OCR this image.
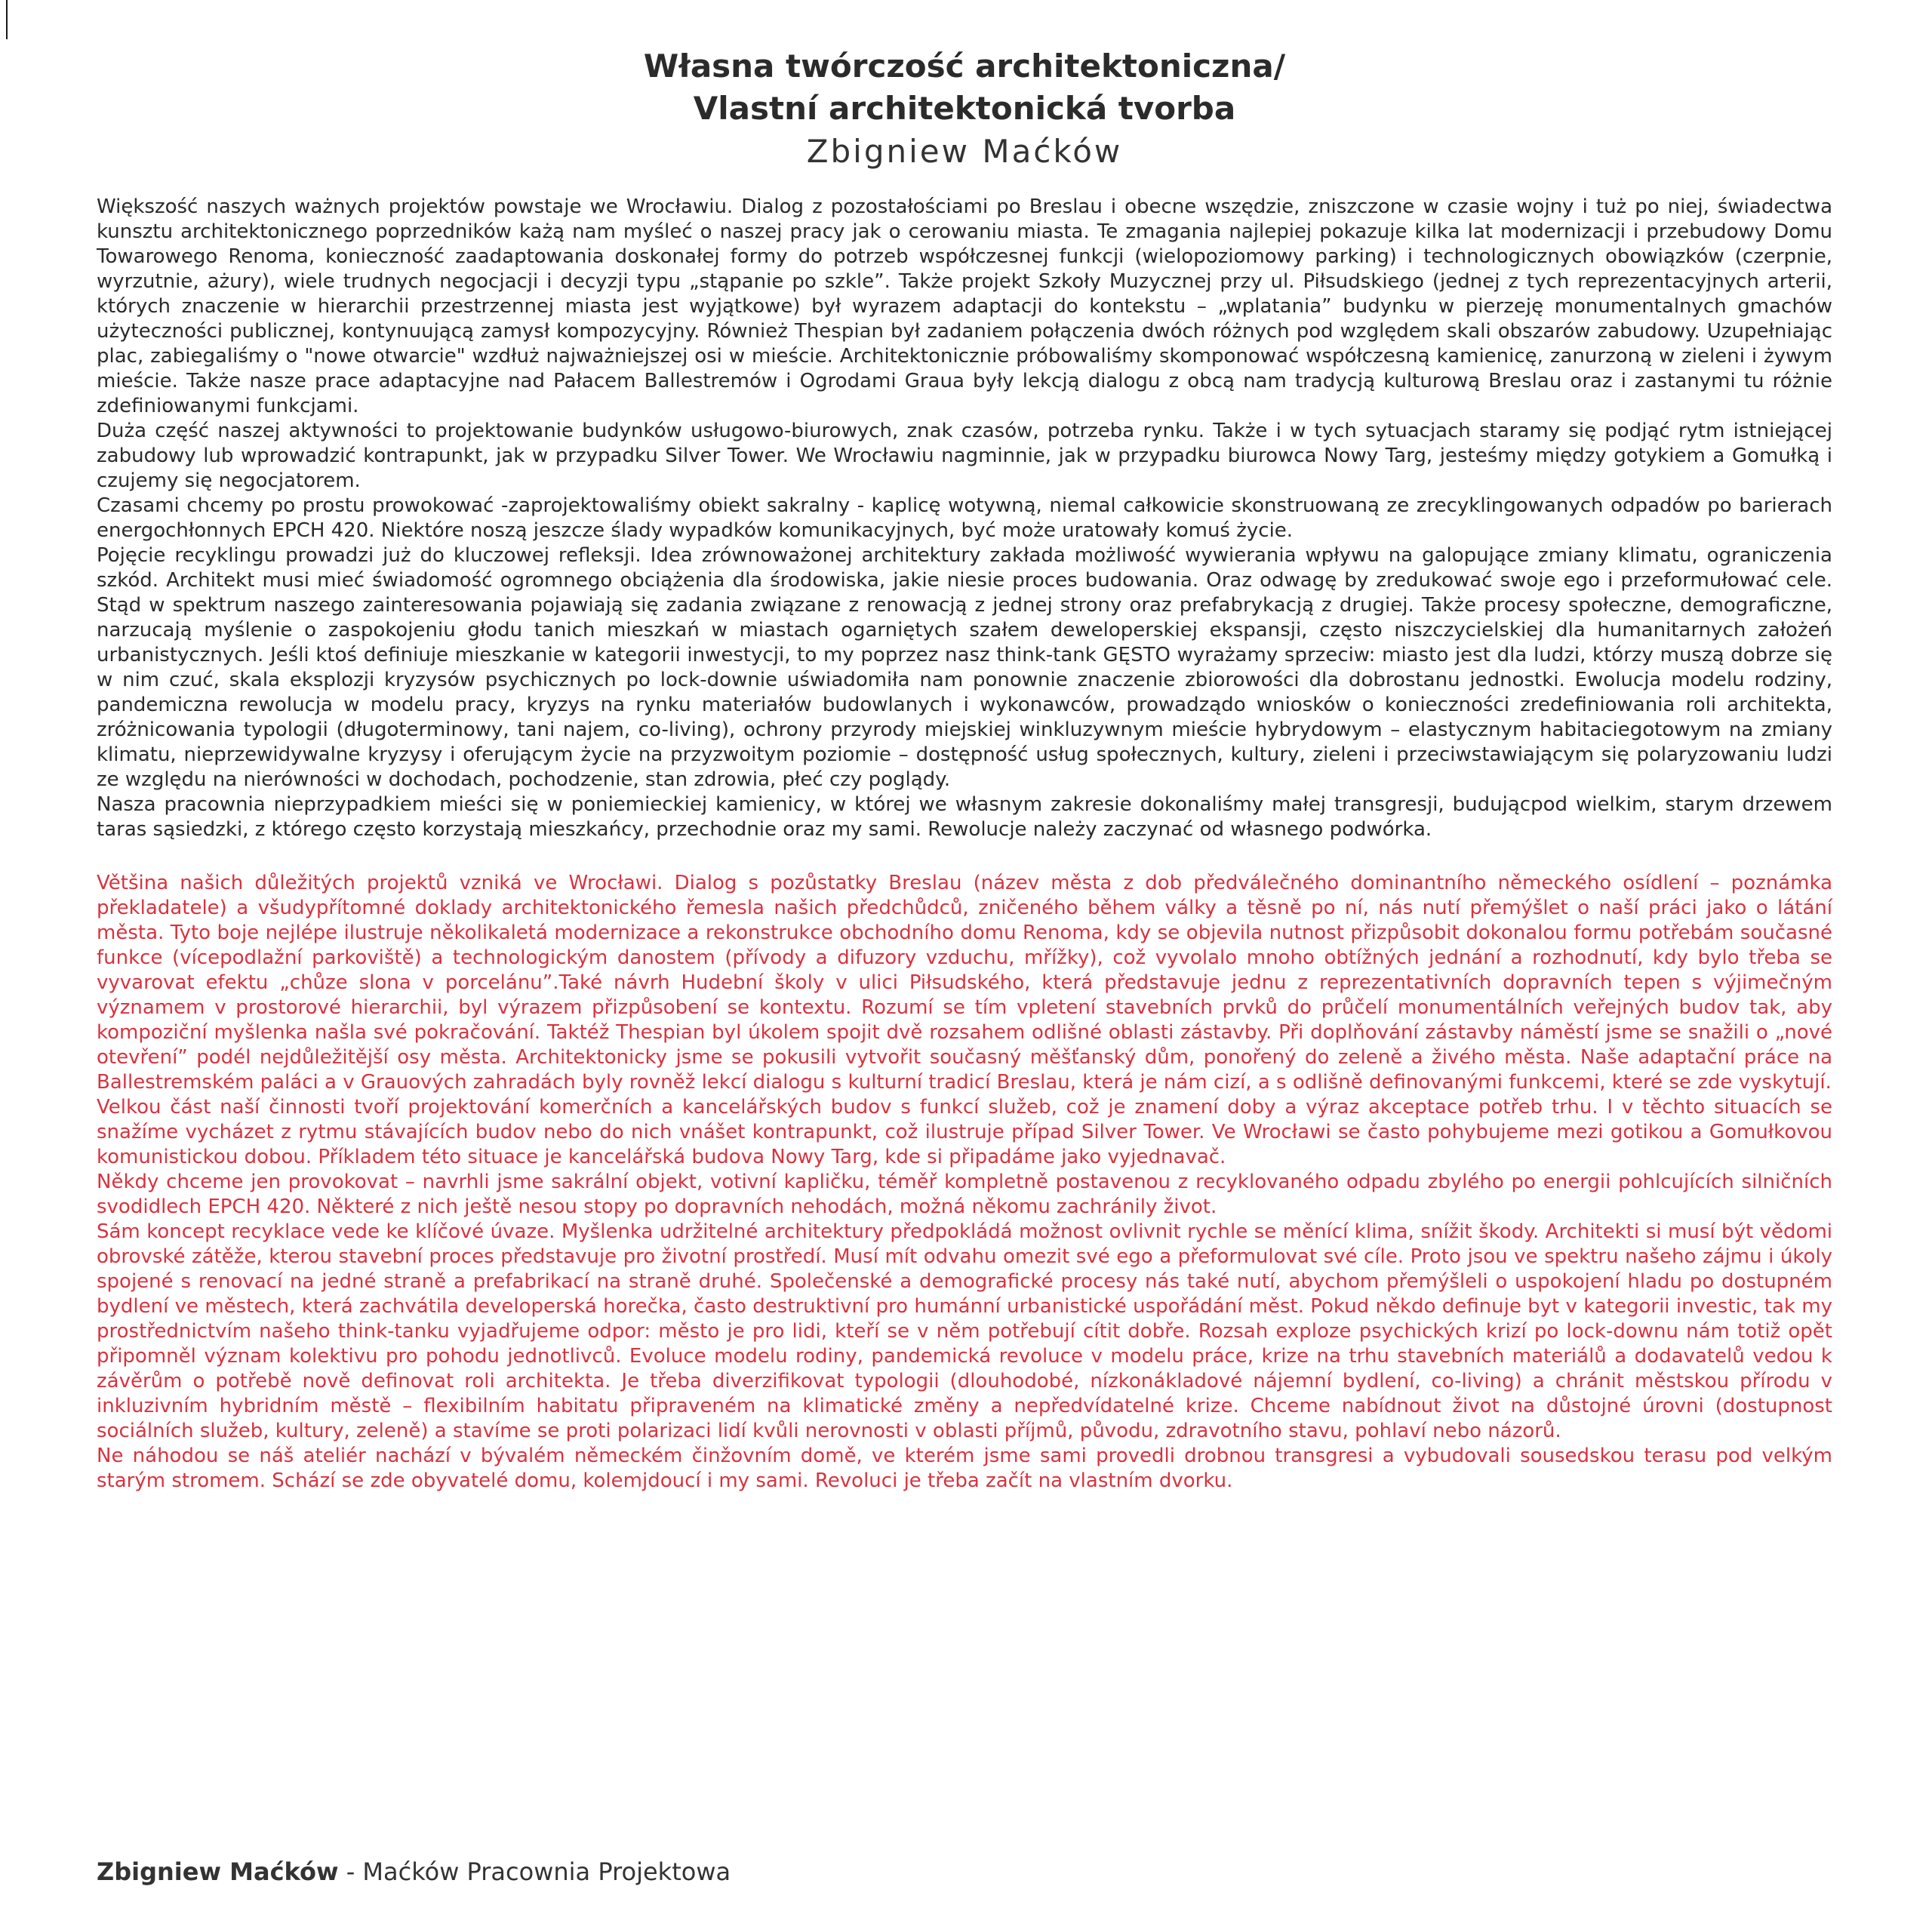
Własna twórczość architektoniczna/

Vlastní architektonická tvorba

Zbigniew Maćków

Większość naszych ważnych projektów powstaje we Wrocławiu. Dialog z pozostałościami po Breslau i obecne wszędzie, zniszczone w czasie wojny i tuż po niej, świadectwa kunsztu architektonicznego poprzedników każą nam myśleć o naszej pracy jak o cerowaniu miasta. Te zmagania najlepiej pokazuje kilka lat modernizacji i przebudowy Domu Towarowego Renoma, konieczność zaadaptowania doskonałej formy do potrzeb współczesnej funkcji (wielopoziomowy parking) i technologicznych obowiązków (czerpnie, wyrzutnie, ażury), wiele trudnych negocjacji i decyzji typu „stąpanie po szkle”. Także projekt Szkoły Muzycznej przy ul. Piłsudskiego (jednej z tych reprezentacyjnych arterii, których znaczenie w hierarchii przestrzennej miasta jest wyjątkowe) był wyrazem adaptacji do kontekstu – „wplatania” budynku w pierzeję monumentalnych gmachów użyteczności publicznej, kontynuującą zamysł kompozycyjny. Również Thespian był zadaniem połączenia dwóch różnych pod względem skali obszarów zabudowy. Uzupełniając plac, zabiegaliśmy o "nowe otwarcie" wzdłuż najważniejszej osi w mieście. Architektonicznie próbowaliśmy skomponować współczesną kamienicę, zanurzoną w zieleni i żywym mieście. Także nasze prace adaptacyjne nad Pałacem Ballestremów i Ogrodami Graua były lekcją dialogu z obcą nam tradycją kulturową Breslau oraz i zastanymi tu różnie zdefiniowanymi funkcjami.

Duża część naszej aktywności to projektowanie budynków usługowo-biurowych, znak czasów, potrzeba rynku. Także i w tych sytuacjach staramy się podjąć rytm istniejącej zabudowy lub wprowadzić kontrapunkt, jak w przypadku Silver Tower. We Wrocławiu nagminnie, jak w przypadku biurowca Nowy Targ, jesteśmy między gotykiem a Gomułką i czujemy się negocjatorem.

Czasami chcemy po prostu prowokować -zaprojektowaliśmy obiekt sakralny - kaplicę wotywną, niemal całkowicie skonstruowaną ze zrecyklingowanych odpadów po barierach energochłonnych EPCH 420. Niektóre noszą jeszcze ślady wypadków komunikacyjnych, być może uratowały komuś życie.

Pojęcie recyklingu prowadzi już do kluczowej refleksji. Idea zrównoważonej architektury zakłada możliwość wywierania wpływu na galopujące zmiany klimatu, ograniczenia szkód. Architekt musi mieć świadomość ogromnego obciążenia dla środowiska, jakie niesie proces budowania. Oraz odwagę by zredukować swoje ego i przeformułować cele. Stąd w spektrum naszego zainteresowania pojawiają się zadania związane z renowacją z jednej strony oraz prefabrykacją z drugiej. Także procesy społeczne, demograficzne, narzucają myślenie o zaspokojeniu głodu tanich mieszkań w miastach ogarniętych szałem deweloperskiej ekspansji, często niszczycielskiej dla humanitarnych założeń urbanistycznych. Jeśli ktoś definiuje mieszkanie w kategorii inwestycji, to my poprzez nasz think-tank GĘSTO wyrażamy sprzeciw: miasto jest dla ludzi, którzy muszą dobrze się w nim czuć, skala eksplozji kryzysów psychicznych po lock-downie uświadomiła nam ponownie znaczenie zbiorowości dla dobrostanu jednostki. Ewolucja modelu rodziny, pandemiczna rewolucja w modelu pracy, kryzys na rynku materiałów budowlanych i wykonawców, prowadządo wniosków o konieczności zredefiniowania roli architekta, zróżnicowania typologii (długoterminowy, tani najem, co-living), ochrony przyrody miejskiej winkluzywnym mieście hybrydowym – elastycznym habitaciegotowym na zmiany klimatu, nieprzewidywalne kryzysy i oferującym życie na przyzwoitym poziomie – dostępność usług społecznych, kultury, zieleni i przeciwstawiającym się polaryzowaniu ludzi ze względu na nierówności w dochodach, pochodzenie, stan zdrowia, płeć czy poglądy.

Nasza pracownia nieprzypadkiem mieści się w poniemieckiej kamienicy, w której we własnym zakresie dokonaliśmy małej transgresji, budującpod wielkim, starym drzewem taras sąsiedzki, z którego często korzystają mieszkańcy, przechodnie oraz my sami. Rewolucje należy zaczynać od własnego podwórka.

Většina našich důležitých projektů vzniká ve Wrocławi. Dialog s pozůstatky Breslau (název města z dob předválečného dominantního německého osídlení – poznámka překladatele) a všudypřítomné doklady architektonického řemesla našich předchůdců, zničeného během války a těsně po ní, nás nutí přemýšlet o naší práci jako o látání města. Tyto boje nejlépe ilustruje několikaletá modernizace a rekonstrukce obchodního domu Renoma, kdy se objevila nutnost přizpůsobit dokonalou formu potřebám současné funkce (vícepodlažní parkoviště) a technologickým danostem (přívody a difuzory vzduchu, mřížky), což vyvolalo mnoho obtížných jednání a rozhodnutí, kdy bylo třeba se vyvarovat efektu „chůze slona v porcelánu”.Také návrh Hudební školy v ulici Piłsudského, která představuje jednu z reprezentativních dopravních tepen s výjimečným významem v prostorové hierarchii, byl výrazem přizpůsobení se kontextu. Rozumí se tím vpletení stavebních prvků do průčelí monumentálních veřejných budov tak, aby kompoziční myšlenka našla své pokračování. Taktéž Thespian byl úkolem spojit dvě rozsahem odlišné oblasti zástavby. Při doplňování zástavby náměstí jsme se snažili o „nové otevření” podél nejdůležitější osy města. Architektonicky jsme se pokusili vytvořit současný měšťanský dům, ponořený do zeleně a živého města. Naše adaptační práce na Ballestremském paláci a v Grauových zahradách byly rovněž lekcí dialogu s kulturní tradicí Breslau, která je nám cizí, a s odlišně definovanými funkcemi, které se zde vyskytují.

Velkou část naší činnosti tvoří projektování komerčních a kancelářských budov s funkcí služeb, což je znamení doby a výraz akceptace potřeb trhu. I v těchto situacích se snažíme vycházet z rytmu stávajících budov nebo do nich vnášet kontrapunkt, což ilustruje případ Silver Tower. Ve Wrocławi se často pohybujeme mezi gotikou a Gomułkovou komunistickou dobou. Příkladem této situace je kancelářská budova Nowy Targ, kde si připadáme jako vyjednavač.

Někdy chceme jen provokovat – navrhli jsme sakrální objekt, votivní kapličku, téměř kompletně postavenou z recyklovaného odpadu zbylého po energii pohlcujících silničních svodidlech EPCH 420. Některé z nich ještě nesou stopy po dopravních nehodách, možná někomu zachránily život.

Sám koncept recyklace vede ke klíčové úvaze. Myšlenka udržitelné architektury předpokládá možnost ovlivnit rychle se měnící klima, snížit škody. Architekti si musí být vědomi obrovské zátěže, kterou stavební proces představuje pro životní prostředí. Musí mít odvahu omezit své ego a přeformulovat své cíle. Proto jsou ve spektru našeho zájmu i úkoly spojené s renovací na jedné straně a prefabrikací na straně druhé. Společenské a demografické procesy nás také nutí, abychom přemýšleli o uspokojení hladu po dostupném bydlení ve městech, která zachvátila developerská horečka, často destruktivní pro humánní urbanistické uspořádání měst. Pokud někdo definuje byt v kategorii investic, tak my prostřednictvím našeho think-tanku vyjadřujeme odpor: město je pro lidi, kteří se v něm potřebují cítit dobře. Rozsah exploze psychických krizí po lock-downu nám totiž opět připomněl význam kolektivu pro pohodu jednotlivců. Evoluce modelu rodiny, pandemická revoluce v modelu práce, krize na trhu stavebních materiálů a dodavatelů vedou k závěrům o potřebě nově definovat roli architekta. Je třeba diverzifikovat typologii (dlouhodobé, nízkonákladové nájemní bydlení, co-living) a chránit městskou přírodu v inkluzivním hybridním městě – flexibilním habitatu připraveném na klimatické změny a nepředvídatelné krize. Chceme nabídnout život na důstojné úrovni (dostupnost sociálních služeb, kultury, zeleně) a stavíme se proti polarizaci lidí kvůli nerovnosti v oblasti příjmů, původu, zdravotního stavu, pohlaví nebo názorů.

Ne náhodou se náš ateliér nachází v bývalém německém činžovním domě, ve kterém jsme sami provedli drobnou transgresi a vybudovali sousedskou terasu pod velkým starým stromem. Schází se zde obyvatelé domu, kolemjdoucí i my sami. Revoluci je třeba začít na vlastním dvorku.

Zbigniew Maćków - Maćków Pracownia Projektowa
